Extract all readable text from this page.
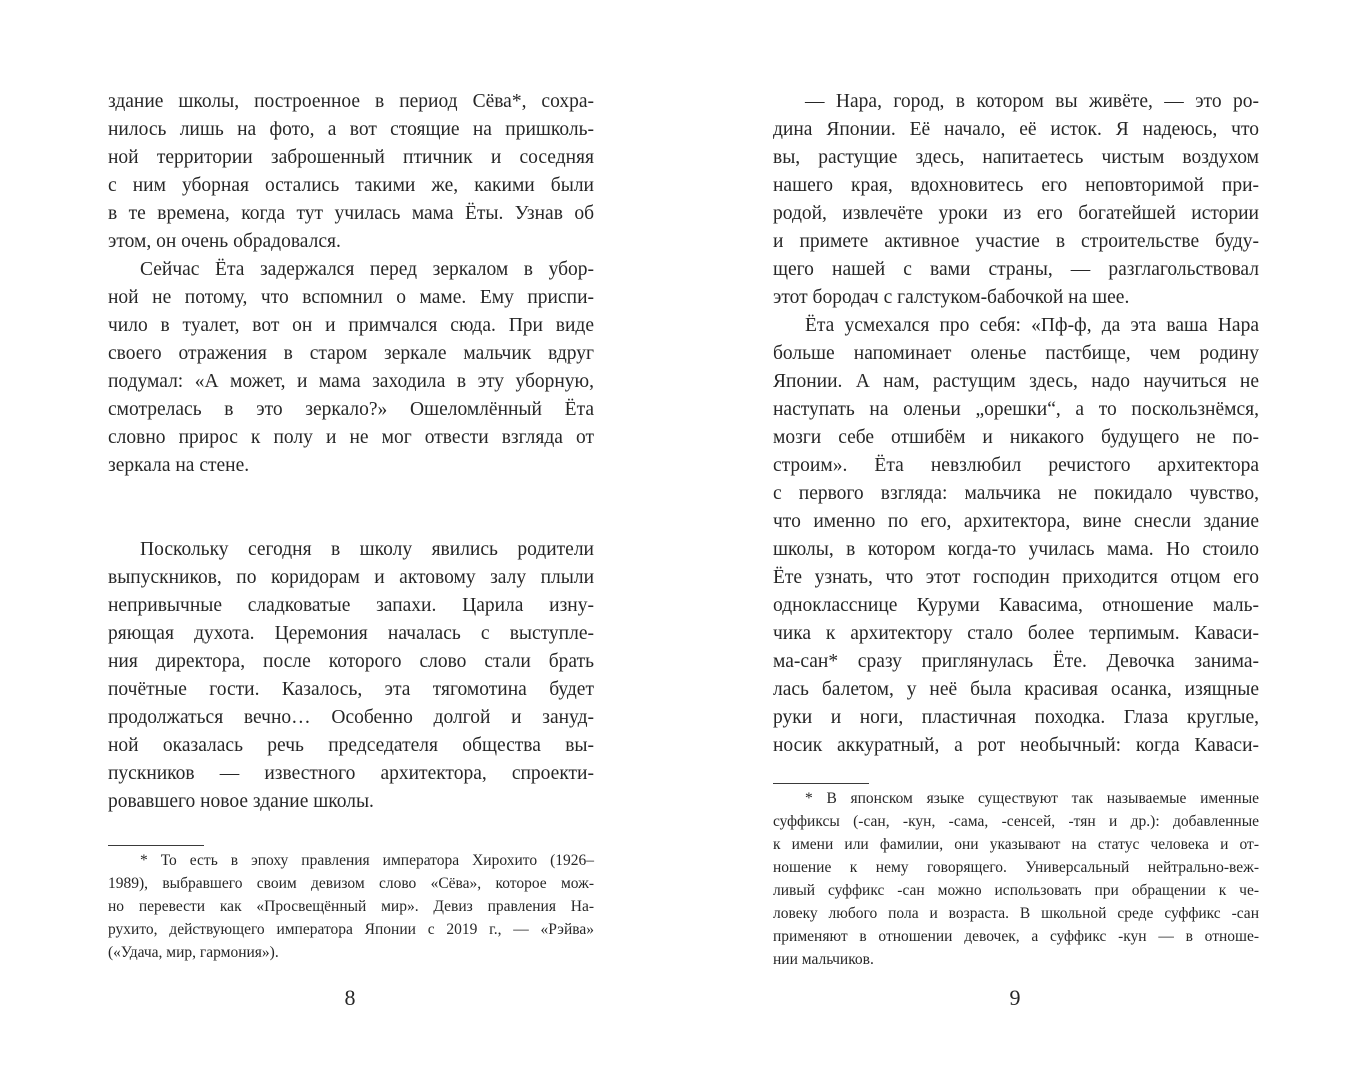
здание школы, построенное в период Сёва*, сохра-
нилось лишь на фото, а вот стоящие на пришколь-
ной территории заброшенный птичник и соседняя
с ним уборная остались такими же, какими были
в те времена, когда тут училась мама Ёты. Узнав об
этом, он очень обрадовался.
Сейчас Ёта задержался перед зеркалом в убор-
ной не потому, что вспомнил о маме. Ему приспи-
чило в туалет, вот он и примчался сюда. При виде
своего отражения в старом зеркале мальчик вдруг
подумал: «А может, и мама заходила в эту уборную,
смотрелась в это зеркало?» Ошеломлённый Ёта
словно прирос к полу и не мог отвести взгляда от
зеркала на стене.
Поскольку сегодня в школу явились родители
выпускников, по коридорам и актовому залу плыли
непривычные сладковатые запахи. Царила изну-
ряющая духота. Церемония началась с выступле-
ния директора, после которого слово стали брать
почётные гости. Казалось, эта тягомотина будет
продолжаться вечно… Особенно долгой и зануд-
ной оказалась речь председателя общества вы-
пускников — известного архитектора, спроекти-
ровавшего новое здание школы.
* То есть в эпоху правления императора Хирохито (1926–
1989), выбравшего своим девизом слово «Сёва», которое мож-
но перевести как «Просвещённый мир». Девиз правления На-
рухито, действующего императора Японии с 2019 г., — «Рэйва»
(«Удача, мир, гармония»).
8
— Нара, город, в котором вы живёте, — это ро-
дина Японии. Её начало, её исток. Я надеюсь, что
вы, растущие здесь, напитаетесь чистым воздухом
нашего края, вдохновитесь его неповторимой при-
родой, извлечёте уроки из его богатейшей истории
и примете активное участие в строительстве буду-
щего нашей с вами страны, — разглагольствовал
этот бородач с галстуком-бабочкой на шее.
Ёта усмехался про себя: «Пф-ф, да эта ваша Нара
больше напоминает оленье пастбище, чем родину
Японии. А нам, растущим здесь, надо научиться не
наступать на оленьи „орешки“, а то поскользнёмся,
мозги себе отшибём и никакого будущего не по-
строим». Ёта невзлюбил речистого архитектора
с первого взгляда: мальчика не покидало чувство,
что именно по его, архитектора, вине снесли здание
школы, в котором когда-то училась мама. Но стоило
Ёте узнать, что этот господин приходится отцом его
однокласснице Куруми Кавасима, отношение маль-
чика к архитектору стало более терпимым. Каваси-
ма-сан* сразу приглянулась Ёте. Девочка занима-
лась балетом, у неё была красивая осанка, изящные
руки и ноги, пластичная походка. Глаза круглые,
носик аккуратный, а рот необычный: когда Каваси-
* В японском языке существуют так называемые именные
суффиксы (-сан, -кун, -сама, -сенсей, -тян и др.): добавленные
к имени или фамилии, они указывают на статус человека и от-
ношение к нему говорящего. Универсальный нейтрально-веж-
ливый суффикс -сан можно использовать при обращении к че-
ловеку любого пола и возраста. В школьной среде суффикс -сан
применяют в отношении девочек, а суффикс -кун — в отноше-
нии мальчиков.
9
